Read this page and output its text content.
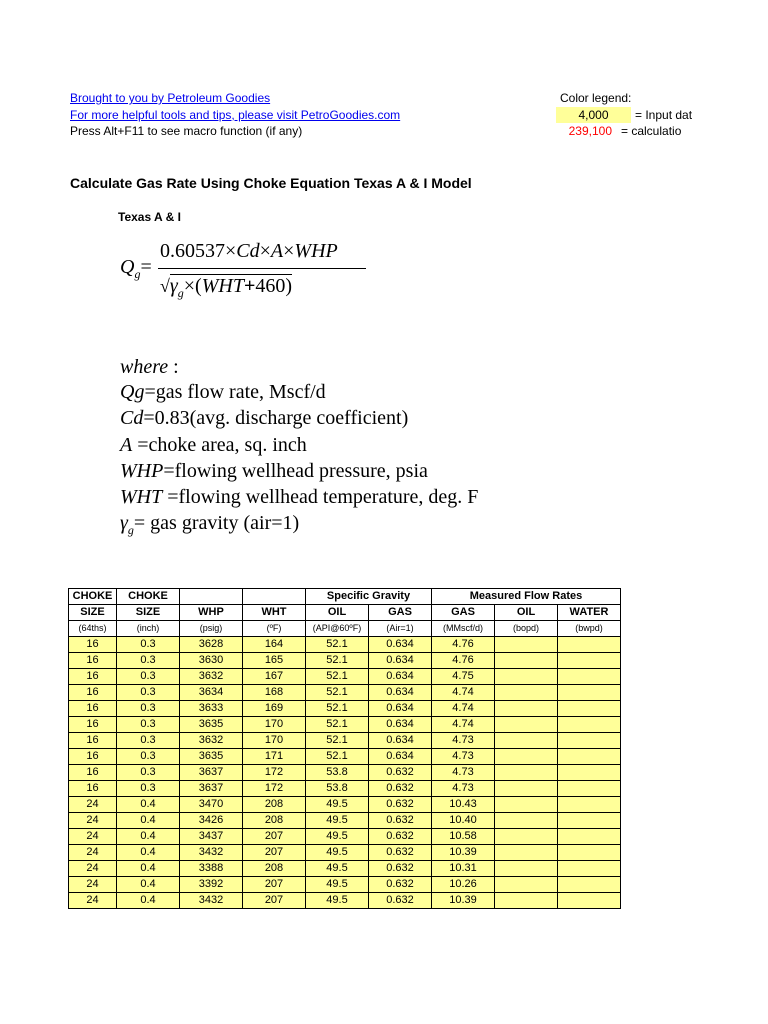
Brought to you by Petroleum Goodies
For more helpful tools and tips, please visit PetroGoodies.com
Press Alt+F11 to see macro function (if any)
Color legend:
4,000	= Input dat
239,100 = calculatio
Calculate Gas Rate Using Choke Equation Texas A & I Model
Texas A & I
$Q_g=$
0.60537×Cd×A×WHP
$√\gamma_g\times(WHT+460)$
where :
Qg=gas flow rate, Mscf/d
Cd=0.83(avg. discharge coefficient)
A =choke area, sq. inch
WHP=flowing wellhead pressure, psia
WHT =flowing wellhead temperature, deg. F
$\gamma_g=$ gas gravity (air=1)
CHOKE	CHOKE			Specific Gravity		Measured Flow Rates		
SIZE	SIZE	WHP	WHT	OIL	GAS	GAS	OIL	WATER
(64ths)	(inch)	(psig)	(ºF)	(API@60ºF)	(Air=1)	(MMscf/d)	(bopd)	(bwpd)
16	0.3	3628	164	52.1	0.634	4.76		
16	0.3	3630	165	52.1	0.634	4.76		
16	0.3	3632	167	52.1	0.634	4.75		
16	0.3	3634	168	52.1	0.634	4.74		
16	0.3	3633	169	52.1	0.634	4.74		
16	0.3	3635	170	52.1	0.634	4.74		
16	0.3	3632	170	52.1	0.634	4.73		
16	0.3	3635	171	52.1	0.634	4.73		
16	0.3	3637	172	53.8	0.632	4.73		
16	0.3	3637	172	53.8	0.632	4.73		
24	0.4	3470	208	49.5	0.632	10.43		
24	0.4	3426	208	49.5	0.632	10.40		
24	0.4	3437	207	49.5	0.632	10.58		
24	0.4	3432	207	49.5	0.632	10.39		
24	0.4	3388	208	49.5	0.632	10.31		
24	0.4	3392	207	49.5	0.632	10.26		
24	0.4	3432	207	49.5	0.632	10.39		
